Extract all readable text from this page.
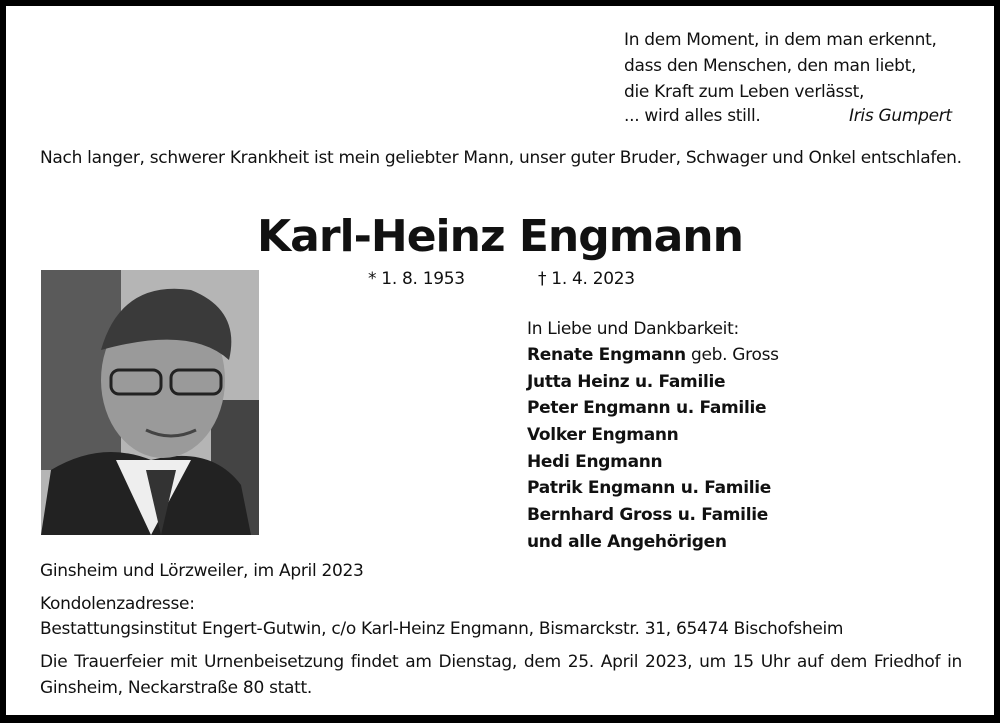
In dem Moment, in dem man erkennt,
dass den Menschen, den man liebt,
die Kraft zum Leben verlässt,
... wird alles still.	Iris Gumpert
Nach langer, schwerer Krankheit ist mein geliebter Mann, unser guter Bruder, Schwager und Onkel entschlafen.
Karl-Heinz Engmann
* 1. 8. 1953	† 1. 4. 2023
In Liebe und Dankbarkeit:
Renate Engmann geb. Gross
Jutta Heinz u. Familie
Peter Engmann u. Familie
Volker Engmann
Hedi Engmann
Patrik Engmann u. Familie
Bernhard Gross u. Familie
und alle Angehörigen
Ginsheim und Lörzweiler, im April 2023
Kondolenzadresse:
Bestattungsinstitut Engert-Gutwin, c/o Karl-Heinz Engmann, Bismarckstr. 31, 65474 Bischofsheim
Die Trauerfeier mit Urnenbeisetzung findet am Dienstag, dem 25. April 2023, um 15 Uhr auf dem Friedhof in Ginsheim, Neckarstraße 80 statt.
